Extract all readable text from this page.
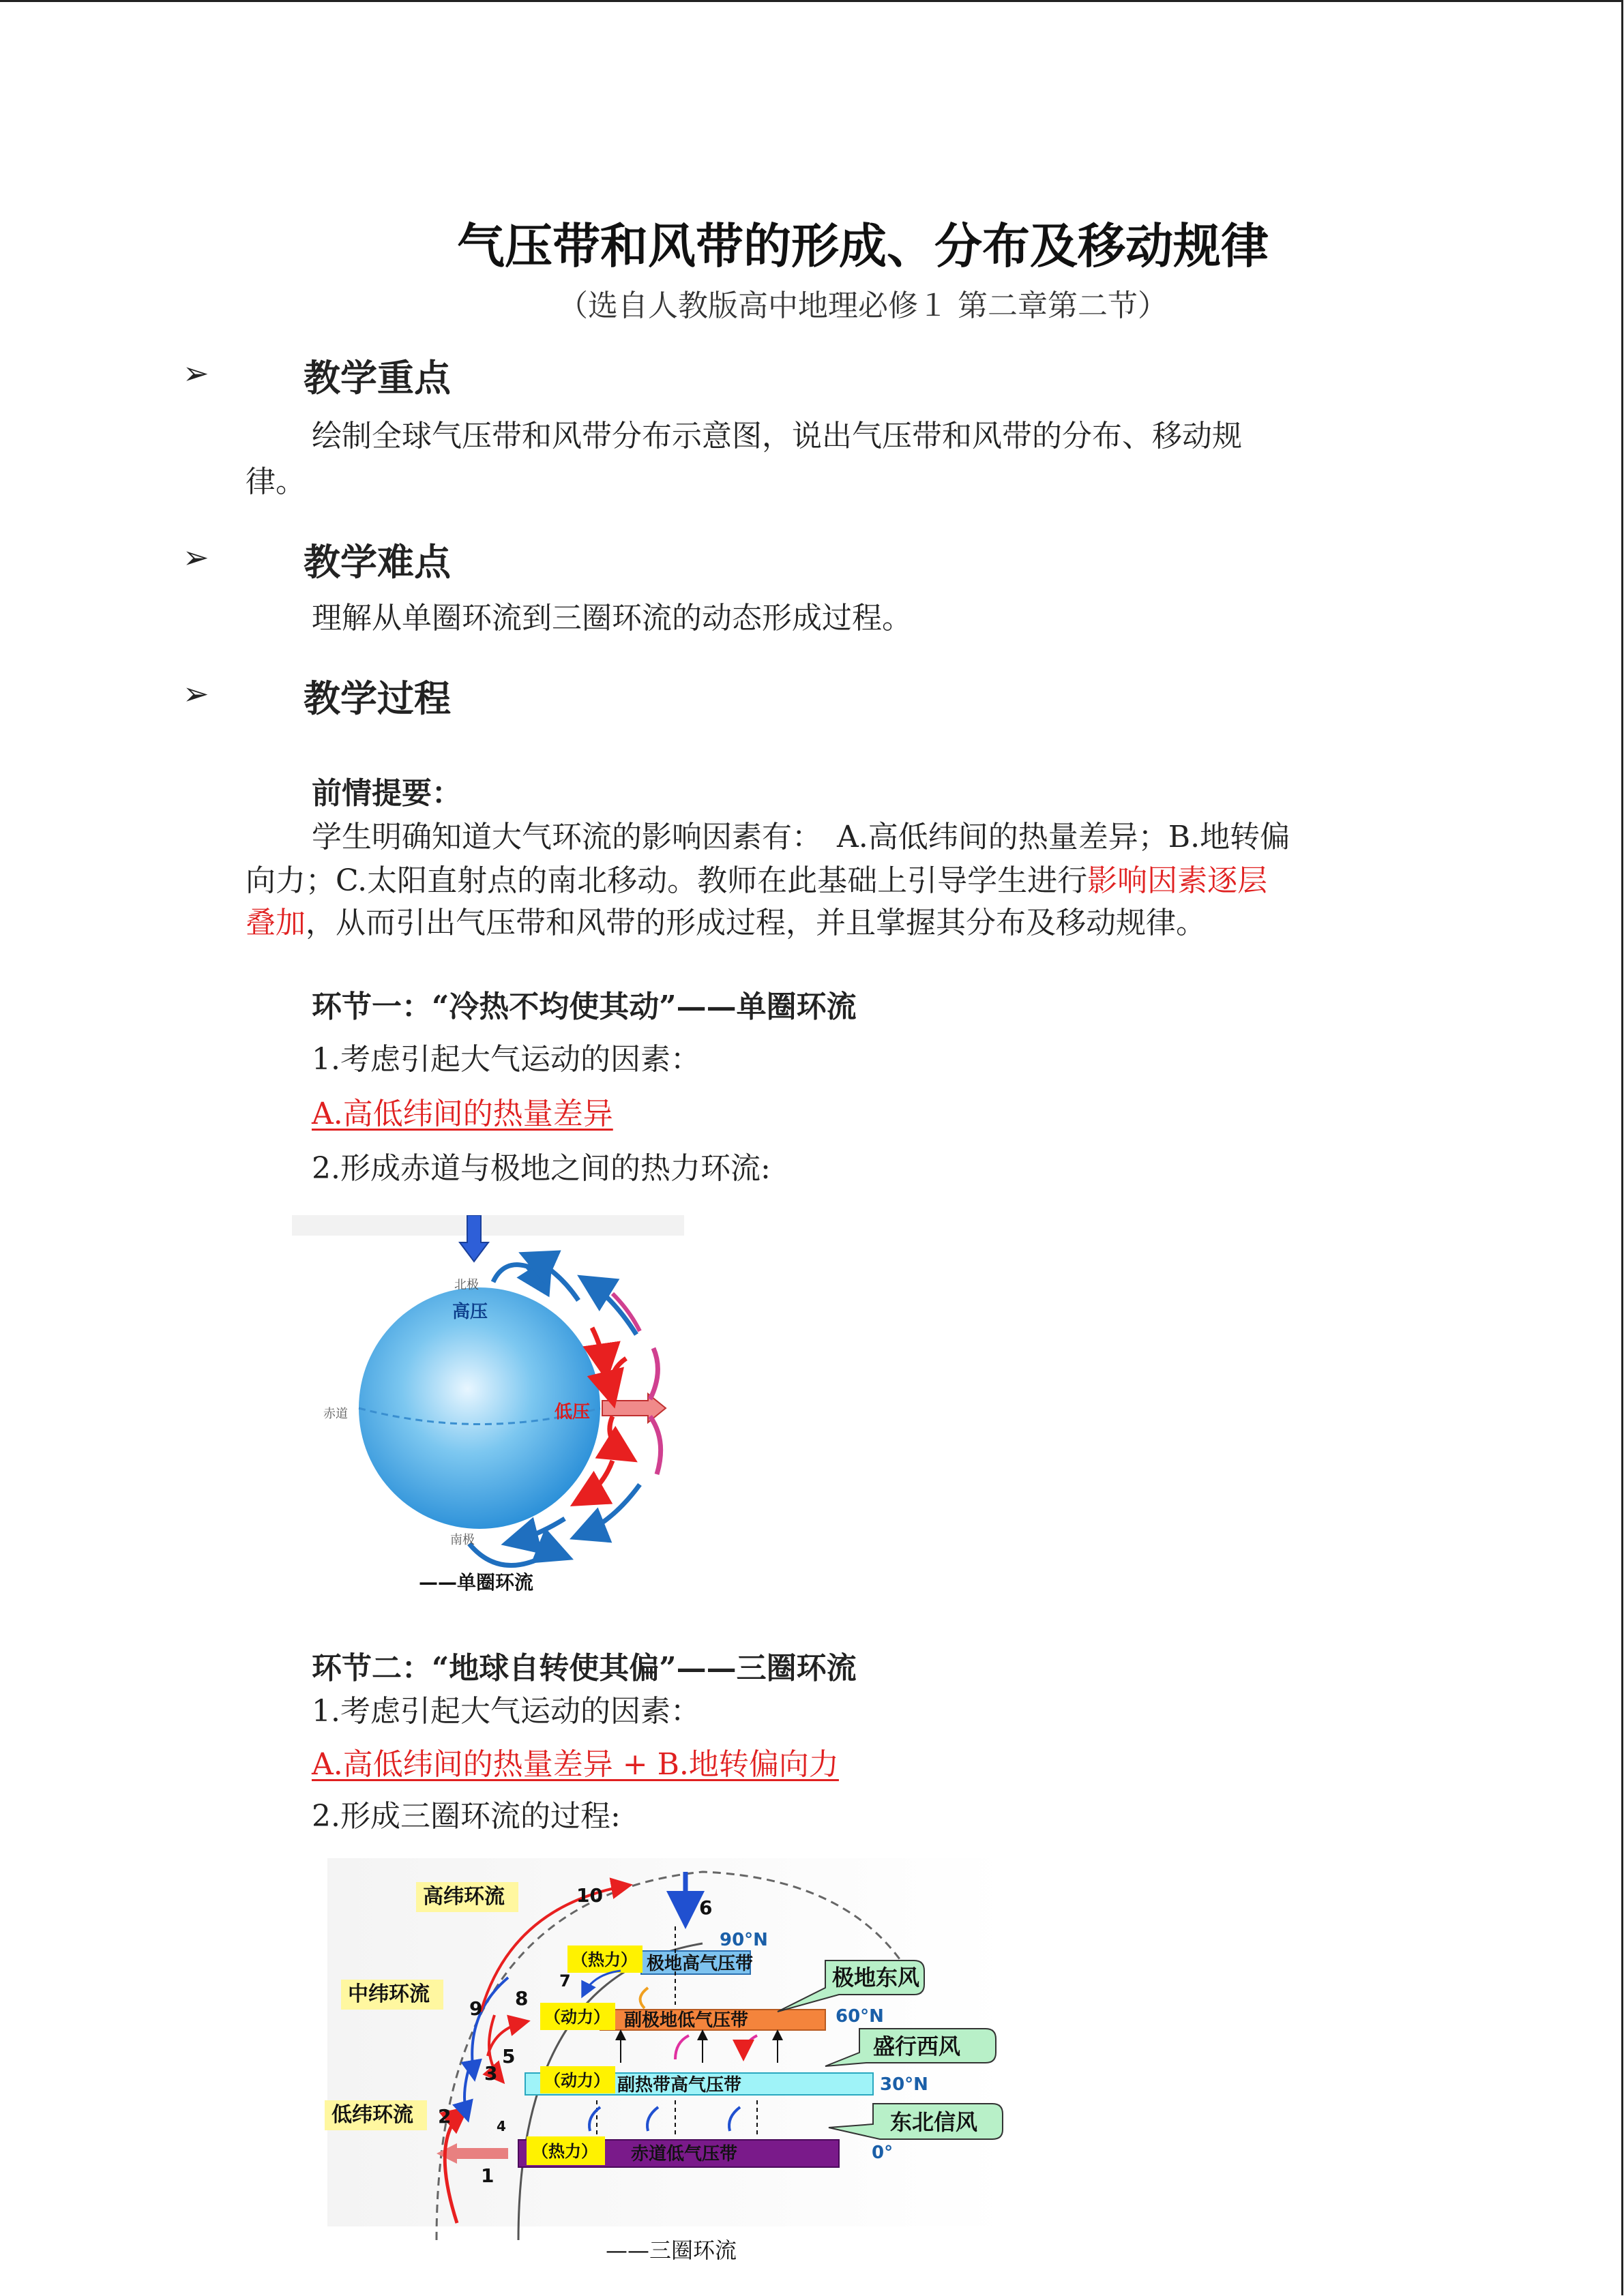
气压带和风带的形成、分布及移动规律
（选自人教版高中地理必修１ 第二章第二节）
➢	教学重点
绘制全球气压带和风带分布示意图，说出气压带和风带的分布、移动规
律。
➢	教学难点
理解从单圈环流到三圈环流的动态形成过程。
➢	教学过程
前情提要：
学生明确知道大气环流的影响因素有：　A.高低纬间的热量差异；B.地转偏
向力；C.太阳直射点的南北移动。教师在此基础上引导学生进行影响因素逐层
叠加，从而引出气压带和风带的形成过程，并且掌握其分布及移动规律。
环节一：“冷热不均使其动”——单圈环流
1.考虑引起大气运动的因素：
A.高低纬间的热量差异
2.形成赤道与极地之间的热力环流:
北极
高压
赤道	低压
南极
——单圈环流
环节二：“地球自转使其偏”——三圈环流
1.考虑引起大气运动的因素：
A.高低纬间的热量差异 + B.地转偏向力
2.形成三圈环流的过程:
（热力）
（动力）
（动力）
（热力）
极地高气压带
副极地低气压带
副热带高气压带
赤道低气压带
90°N
60°N
30°N
0°
高纬环流
中纬环流
低纬环流
极地东风
盛行西风
东北信风
1
2
3
4
5
6
7
8
9
10
——三圈环流
